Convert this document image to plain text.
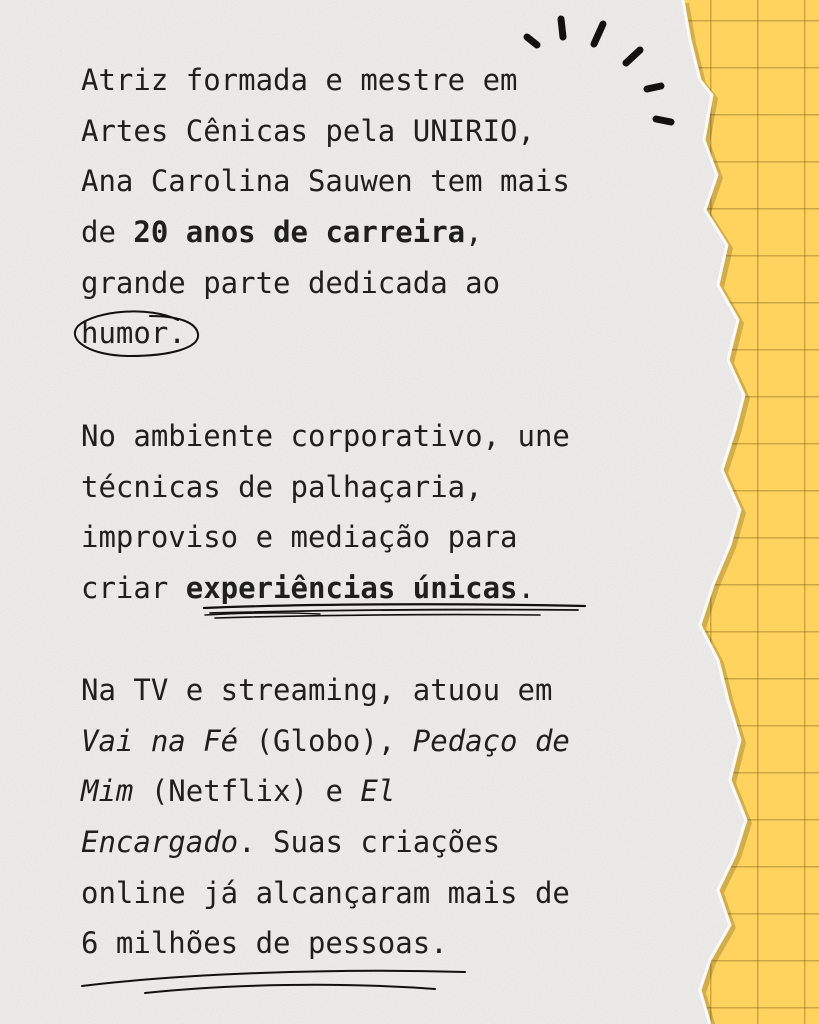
Atriz formada e mestre em
Artes Cênicas pela UNIRIO,
Ana Carolina Sauwen tem mais
de 20 anos de carreira,
grande parte dedicada ao
humor.
No ambiente corporativo, une
técnicas de palhaçaria,
improviso e mediação para
criar experiências únicas.
Na TV e streaming, atuou em
Vai na Fé (Globo), Pedaço de
Mim (Netflix) e El
Encargado. Suas criações
online já alcançaram mais de
6 milhões de pessoas.
